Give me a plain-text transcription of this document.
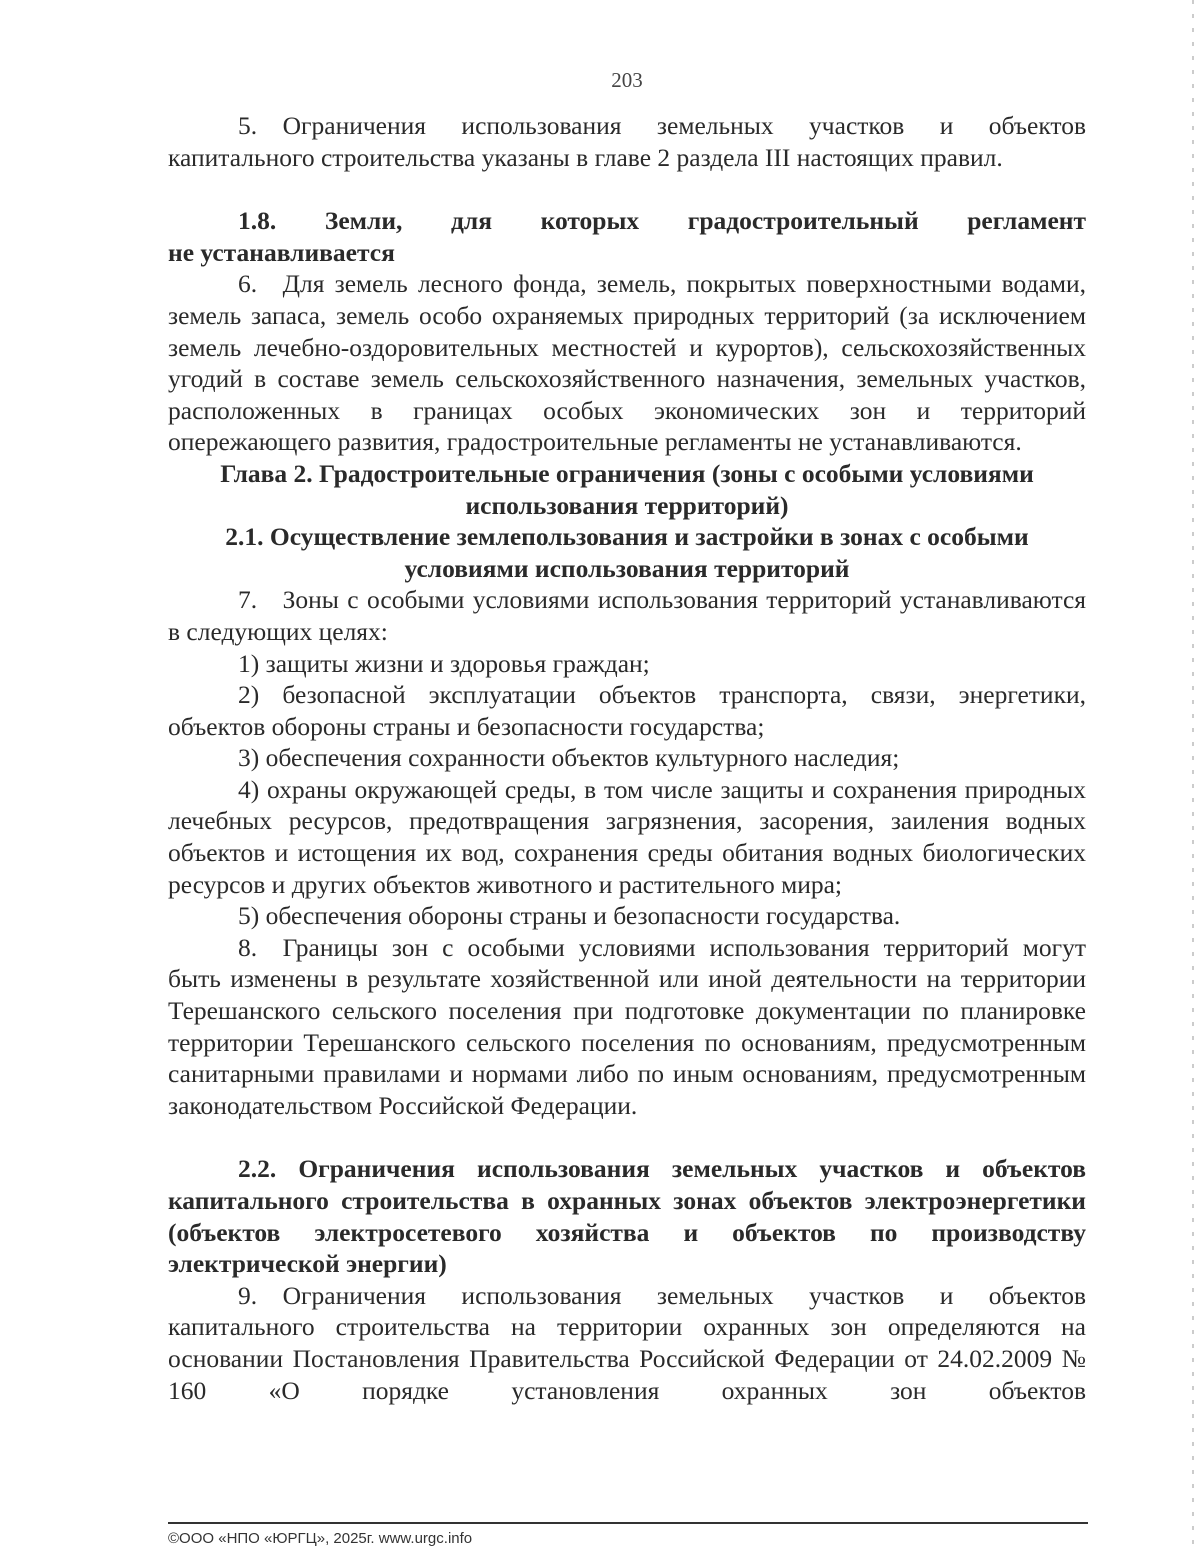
203

5. Ограничения использования земельных участков и объектов капитального строительства указаны в главе 2 раздела III настоящих правил.

1.8. Земли, для которых градостроительный регламент

не устанавливается

6. Для земель лесного фонда, земель, покрытых поверхностными водами, земель запаса, земель особо охраняемых природных территорий (за исключением земель лечебно-оздоровительных местностей и курортов), сельскохозяйственных угодий в составе земель сельскохозяйственного назначения, земельных участков, расположенных в границах особых экономических зон и территорий опережающего развития, градостроительные регламенты не устанавливаются.

Глава 2. Градостроительные ограничения (зоны с особыми условиями

использования территорий)

2.1. Осуществление землепользования и застройки в зонах с особыми

условиями использования территорий

7. Зоны с особыми условиями использования территорий устанавливаются в следующих целях:

1) защиты жизни и здоровья граждан;

2) безопасной эксплуатации объектов транспорта, связи, энергетики, объектов обороны страны и безопасности государства;

3) обеспечения сохранности объектов культурного наследия;

4) охраны окружающей среды, в том числе защиты и сохранения природных лечебных ресурсов, предотвращения загрязнения, засорения, заиления водных объектов и истощения их вод, сохранения среды обитания водных биологических ресурсов и других объектов животного и растительного мира;

5) обеспечения обороны страны и безопасности государства.

8. Границы зон с особыми условиями использования территорий могут быть изменены в результате хозяйственной или иной деятельности на территории Терешанского сельского поселения при подготовке документации по планировке территории Терешанского сельского поселения по основаниям, предусмотренным санитарными правилами и нормами либо по иным основаниям, предусмотренным законодательством Российской Федерации.

2.2. Ограничения использования земельных участков и объектов капитального строительства в охранных зонах объектов электроэнергетики (объектов электросетевого хозяйства и объектов по производству электрической энергии)

9. Ограничения использования земельных участков и объектов капитального строительства на территории охранных зон определяются на основании Постановления Правительства Российской Федерации от 24.02.2009 № 160 «О порядке установления охранных зон объектов

©ООО «НПО «ЮРГЦ», 2025г. www.urgc.info
